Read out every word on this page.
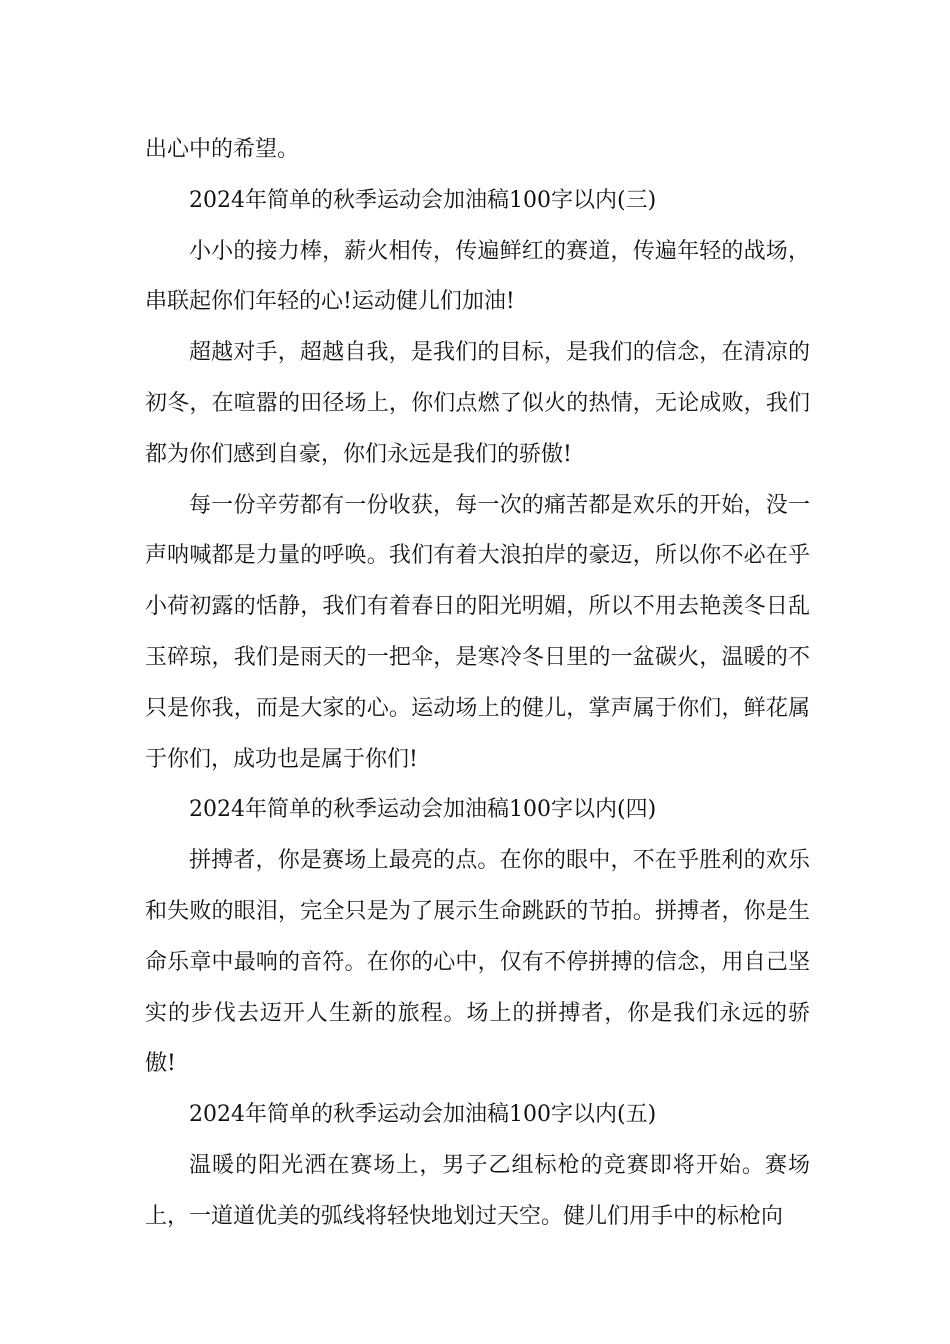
出心中的希望。

2024年简单的秋季运动会加油稿100字以内(三)

小小的接力棒，薪火相传，传遍鲜红的赛道，传遍年轻的战场，串联起你们年轻的心!运动健儿们加油!

超越对手，超越自我，是我们的目标，是我们的信念，在清凉的初冬，在喧嚣的田径场上，你们点燃了似火的热情，无论成败，我们都为你们感到自豪，你们永远是我们的骄傲!

每一份辛劳都有一份收获，每一次的痛苦都是欢乐的开始，没一声呐喊都是力量的呼唤。我们有着大浪拍岸的豪迈，所以你不必在乎小荷初露的恬静，我们有着春日的阳光明媚，所以不用去艳羡冬日乱玉碎琼，我们是雨天的一把伞，是寒冷冬日里的一盆碳火，温暖的不只是你我，而是大家的心。运动场上的健儿，掌声属于你们，鲜花属于你们，成功也是属于你们!

2024年简单的秋季运动会加油稿100字以内(四)

拼搏者，你是赛场上最亮的点。在你的眼中，不在乎胜利的欢乐和失败的眼泪，完全只是为了展示生命跳跃的节拍。拼搏者，你是生命乐章中最响的音符。在你的心中，仅有不停拼搏的信念，用自己坚实的步伐去迈开人生新的旅程。场上的拼搏者，你是我们永远的骄傲!

2024年简单的秋季运动会加油稿100字以内(五)

温暖的阳光洒在赛场上，男子乙组标枪的竞赛即将开始。赛场上，一道道优美的弧线将轻快地划过天空。健儿们用手中的标枪向
